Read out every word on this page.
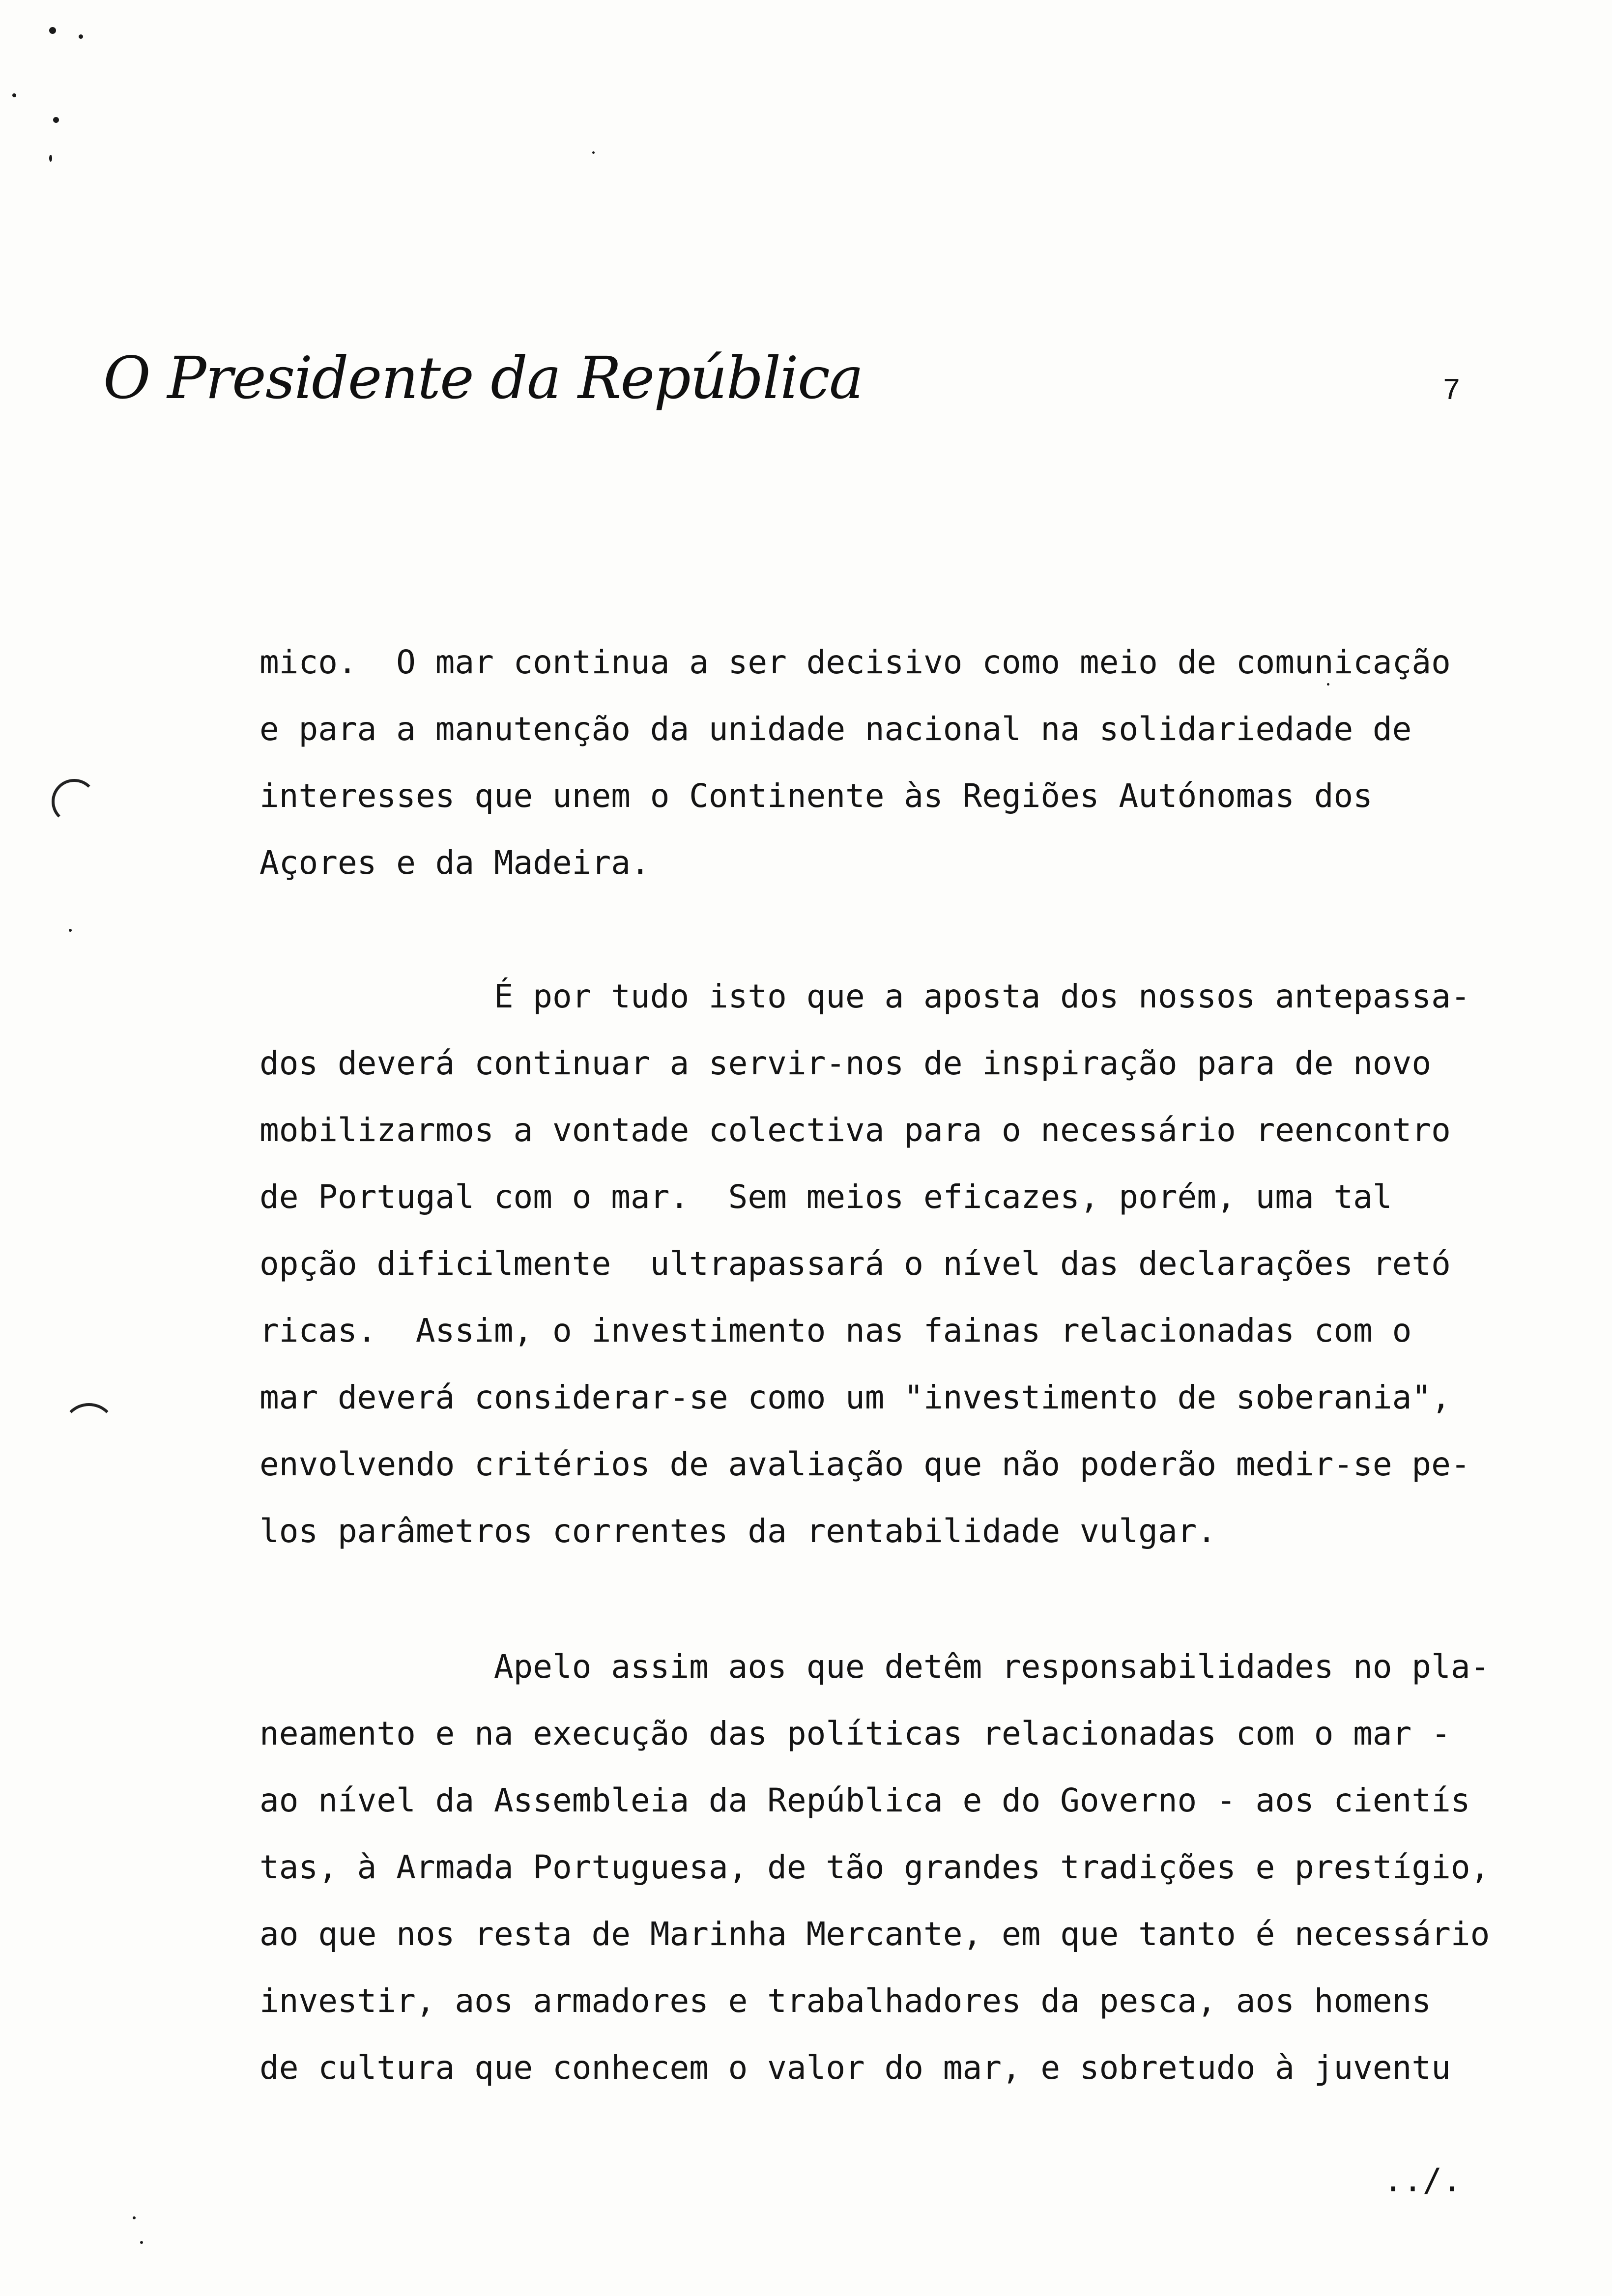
O Presidente da República	7
mico.  O mar continua a ser decisivo como meio de comunicação
e para a manutenção da unidade nacional na solidariedade de
interesses que unem o Continente às Regiões Autónomas dos
Açores e da Madeira.
É por tudo isto que a aposta dos nossos antepassa-
dos deverá continuar a servir-nos de inspiração para de novo
mobilizarmos a vontade colectiva para o necessário reencontro
de Portugal com o mar.  Sem meios eficazes, porém, uma tal
opção dificilmente  ultrapassará o nível das declarações retó
ricas.  Assim, o investimento nas fainas relacionadas com o
mar deverá considerar-se como um "investimento de soberania",
envolvendo critérios de avaliação que não poderão medir-se pe-
los parâmetros correntes da rentabilidade vulgar.
Apelo assim aos que detêm responsabilidades no pla-
neamento e na execução das políticas relacionadas com o mar -
ao nível da Assembleia da República e do Governo - aos cientís
tas, à Armada Portuguesa, de tão grandes tradições e prestígio,
ao que nos resta de Marinha Mercante, em que tanto é necessário
investir, aos armadores e trabalhadores da pesca, aos homens
de cultura que conhecem o valor do mar, e sobretudo à juventu
../.
